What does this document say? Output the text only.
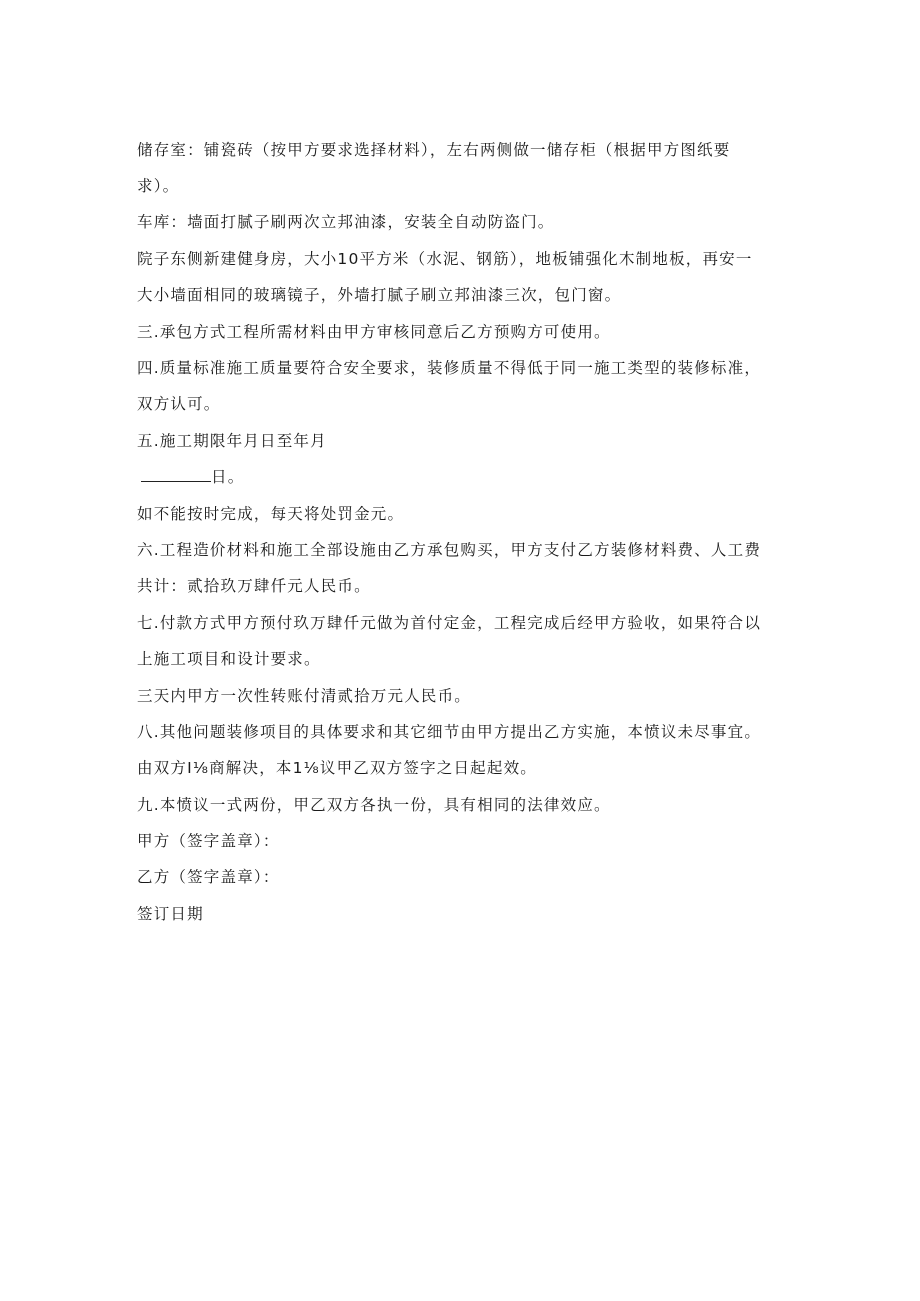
储存室：铺瓷砖（按甲方要求选择材料），左右两侧做一储存柜（根据甲方图纸要
求）。
车库：墙面打腻子刷两次立邦油漆，安装全自动防盗门。
院子东侧新建健身房，大小10平方米（水泥、钢筋），地板铺强化木制地板，再安一
大小墙面相同的玻璃镜子，外墙打腻子刷立邦油漆三次，包门窗。
三.承包方式工程所需材料由甲方审核同意后乙方预购方可使用。
四.质量标准施工质量要符合安全要求，装修质量不得低于同一施工类型的装修标准，
双方认可。
五.施工期限年月日至年月
日。
如不能按时完成，每天将处罚金元。
六.工程造价材料和施工全部设施由乙方承包购买，甲方支付乙方装修材料费、人工费
共计：贰拾玖万肆仟元人民币。
七.付款方式甲方预付玖万肆仟元做为首付定金，工程完成后经甲方验收，如果符合以
上施工项目和设计要求。
三天内甲方一次性转账付清贰拾万元人民币。
八.其他问题装修项目的具体要求和其它细节由甲方提出乙方实施，本愤议未尽事宜。
由双方I⅛商解决，本1⅛议甲乙双方签字之日起起效。
九.本愤议一式两份，甲乙双方各执一份，具有相同的法律效应。
甲方（签字盖章）：
乙方（签字盖章）：
签订日期
